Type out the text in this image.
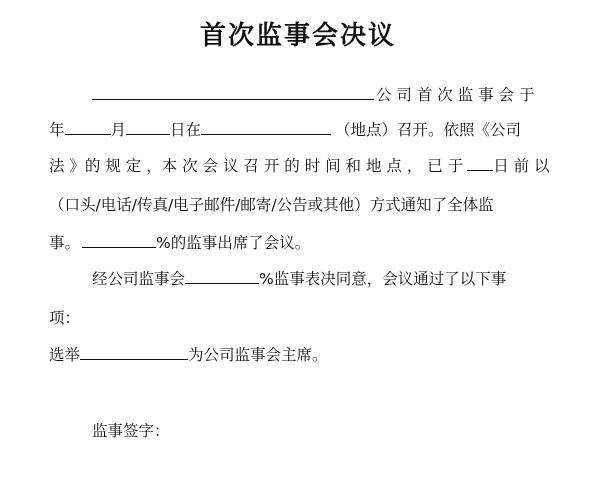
首次监事会决议
公 司 首 次 监 事 会 于
年	月	日在	（地点）召开。依照《公司
法 》的 规 定 ，本 次 会 议 召 开 的 时 间 和 地 点 ， 已 于 日 前 以
（口头/电话/传真/电子邮件/邮寄/公告或其他）方式通知了全体监
事。	%的监事出席了会议。
经公司监事会	%监事表决同意，会议通过了以下事
项：
选举	为公司监事会主席。
监事签字：
